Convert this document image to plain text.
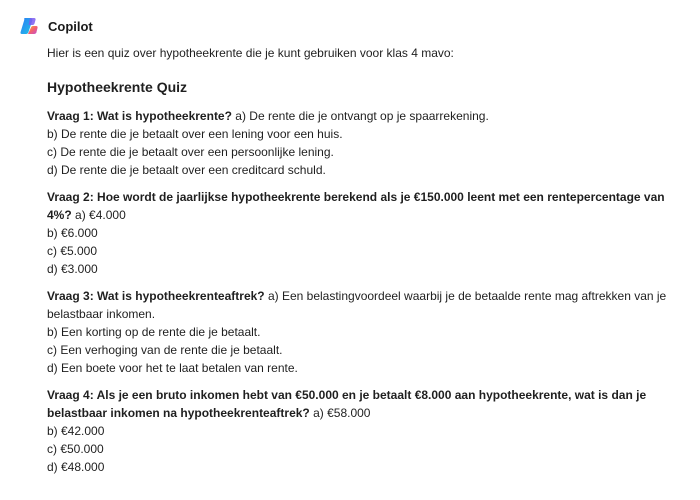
Copilot

Hier is een quiz over hypotheekrente die je kunt gebruiken voor klas 4 mavo:

Hypotheekrente Quiz

Vraag 1: Wat is hypotheekrente? a) De rente die je ontvangt op je spaarrekening.

b) De rente die je betaalt over een lening voor een huis.

c) De rente die je betaalt over een persoonlijke lening.

d) De rente die je betaalt over een creditcard schuld.

Vraag 2: Hoe wordt de jaarlijkse hypotheekrente berekend als je €150.000 leent met een rentepercentage van 4%? a) €4.000

b) €6.000

c) €5.000

d) €3.000

Vraag 3: Wat is hypotheekrenteaftrek? a) Een belastingvoordeel waarbij je de betaalde rente mag aftrekken van je belastbaar inkomen.

b) Een korting op de rente die je betaalt.

c) Een verhoging van de rente die je betaalt.

d) Een boete voor het te laat betalen van rente.

Vraag 4: Als je een bruto inkomen hebt van €50.000 en je betaalt €8.000 aan hypotheekrente, wat is dan je belastbaar inkomen na hypotheekrenteaftrek? a) €58.000

b) €42.000

c) €50.000

d) €48.000
